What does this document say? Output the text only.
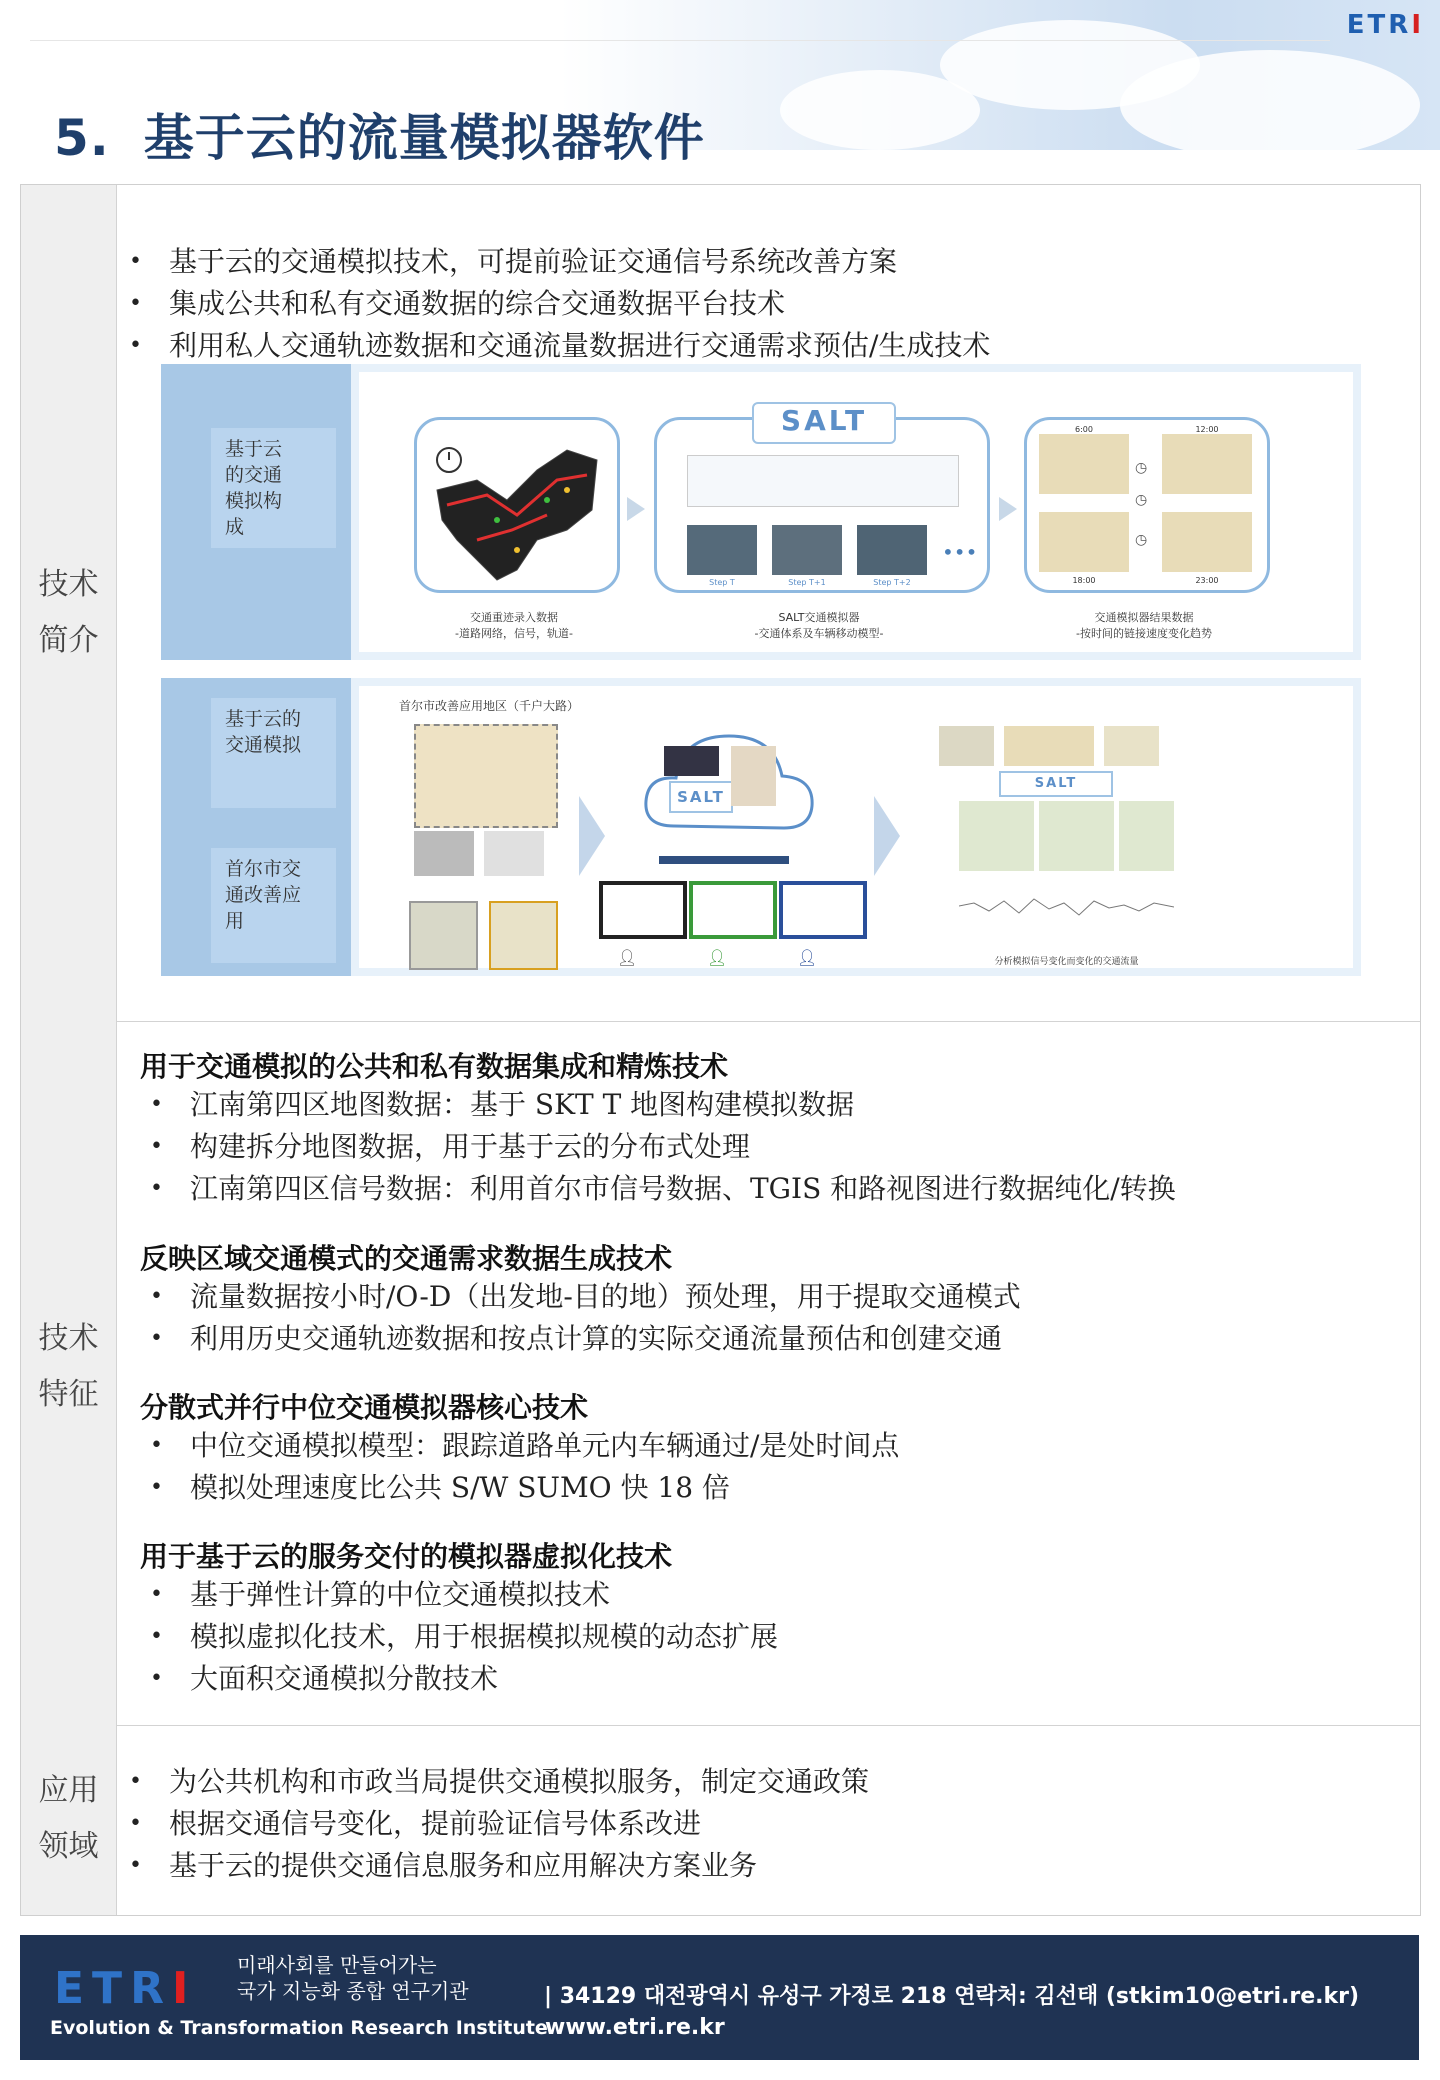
ETRI
5. 基于云的流量模拟器软件
技术
简介
• 基于云的交通模拟技术，可提前验证交通信号系统改善方案
• 集成公共和私有交通数据的综合交通数据平台技术
• 利用私人交通轨迹数据和交通流量数据进行交通需求预估/生成技术
基于云的交通模拟构成
SALT
•••
Step T	Step T+1	Step T+2
6:00	12:00
18:00	23:00
◷
◷
◷
交通重迹录入数据
-道路网络，信号，轨道-
SALT交通模拟器
-交通体系及车辆移动模型-
交通模拟器结果数据
-按时间的链接速度变化趋势
基于云的交通模拟
首尔市交通改善应用
首尔市改善应用地区（千户大路）
SALT
👤︎	👤︎	👤︎
SALT
分析模拟信号变化而变化的交通流量
技术
特征
用于交通模拟的公共和私有数据集成和精炼技术
• 江南第四区地图数据：基于 SKT T 地图构建模拟数据
• 构建拆分地图数据，用于基于云的分布式处理
• 江南第四区信号数据：利用首尔市信号数据、TGIS 和路视图进行数据纯化/转换
反映区域交通模式的交通需求数据生成技术
• 流量数据按小时/O-D（出发地-目的地）预处理，用于提取交通模式
• 利用历史交通轨迹数据和按点计算的实际交通流量预估和创建交通
分散式并行中位交通模拟器核心技术
• 中位交通模拟模型：跟踪道路单元内车辆通过/是处时间点
• 模拟处理速度比公共 S/W SUMO 快 18 倍
用于基于云的服务交付的模拟器虚拟化技术
• 基于弹性计算的中位交通模拟技术
• 模拟虚拟化技术，用于根据模拟规模的动态扩展
• 大面积交通模拟分散技术
应用
领域
• 为公共机构和市政当局提供交通模拟服务，制定交通政策
• 根据交通信号变化，提前验证信号体系改进
• 基于云的提供交通信息服务和应用解决方案业务
ETRI 미래사회를 만들어가는
국가 지능화 종합 연구기관
Evolution & Transformation Research Institute
| 34129 대전광역시 유성구 가정로 218 연락처: 김선태 (stkim10@etri.re.kr)
www.etri.re.kr
